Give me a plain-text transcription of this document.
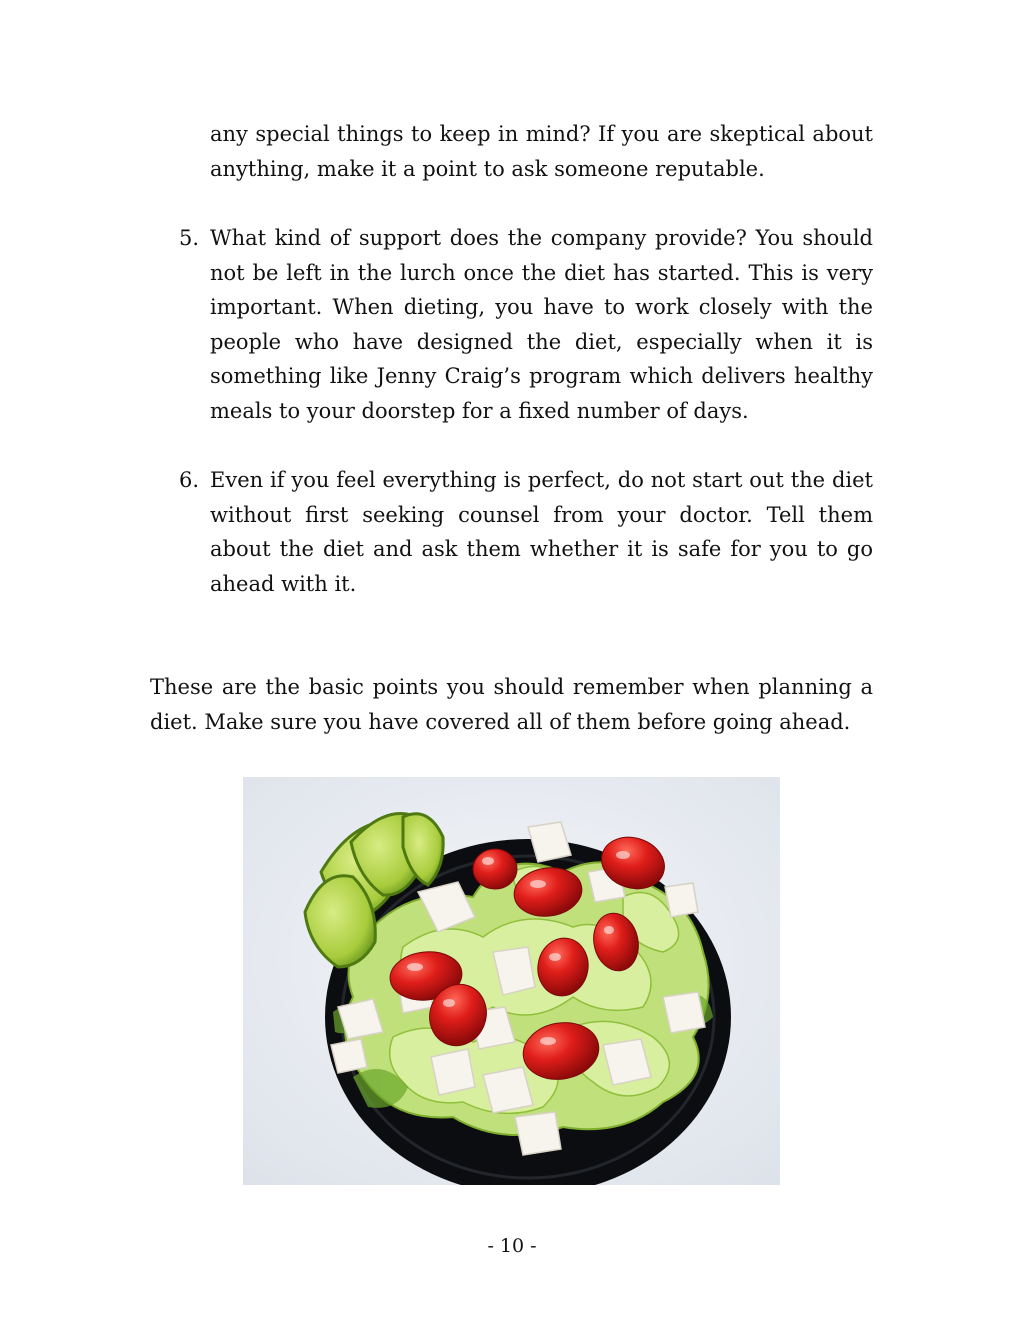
any special things to keep in mind? If you are skeptical about anything, make it a point to ask someone reputable.
5. What kind of support does the company provide? You should not be left in the lurch once the diet has started. This is very important. When dieting, you have to work closely with the people who have designed the diet, especially when it is something like Jenny Craig’s program which delivers healthy meals to your doorstep for a fixed number of days.
6. Even if you feel everything is perfect, do not start out the diet without first seeking counsel from your doctor. Tell them about the diet and ask them whether it is safe for you to go ahead with it.
These are the basic points you should remember when planning a diet. Make sure you have covered all of them before going ahead.
- 10 -
